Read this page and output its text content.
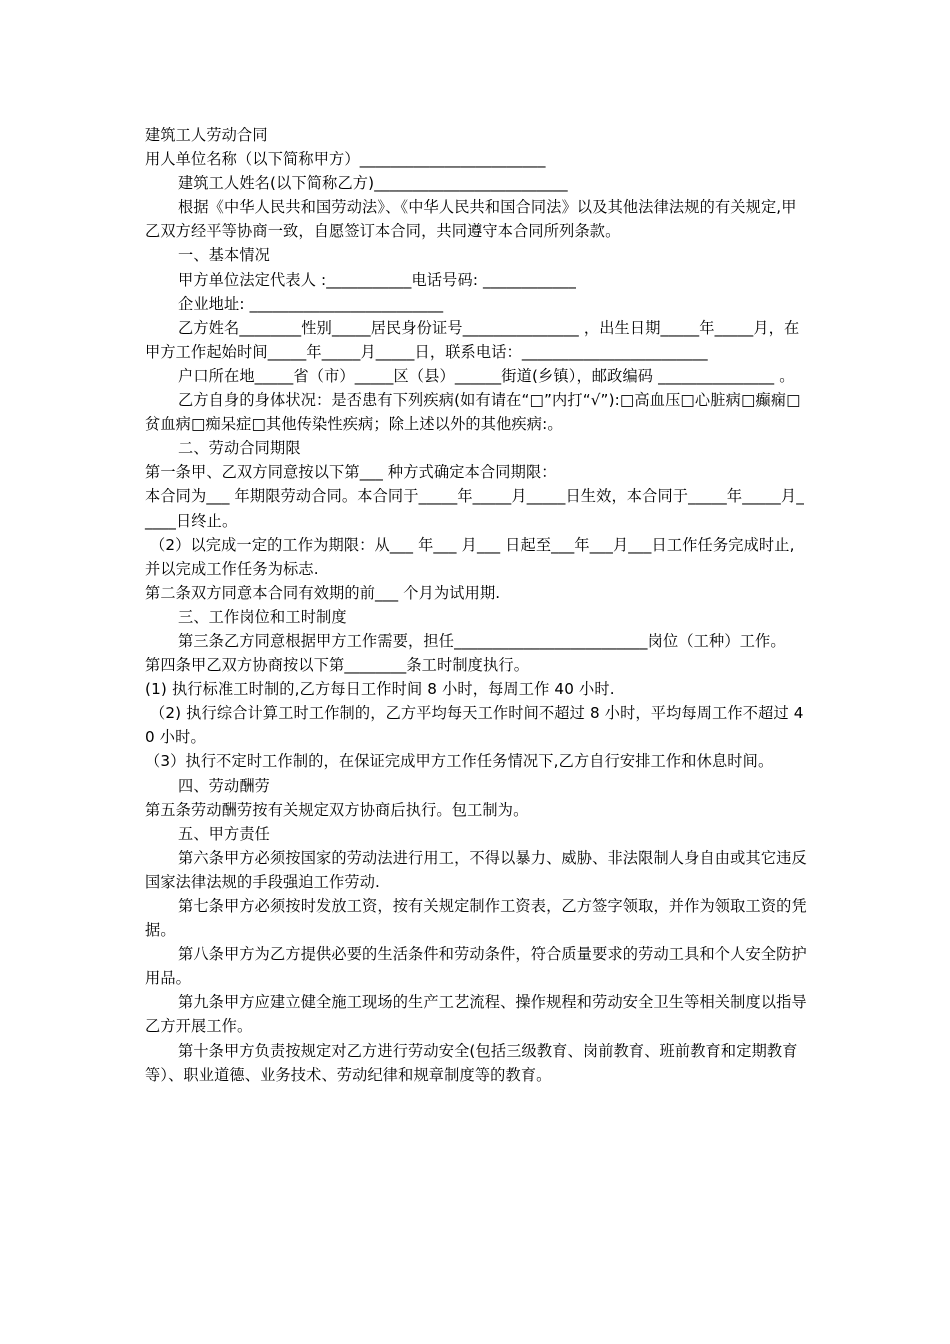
建筑工人劳动合同

用人单位名称（以下简称甲方）________________________

建筑工人姓名(以下简称乙方)_________________________

根据《中华人民共和国劳动法》、《中华人民共和国合同法》以及其他法律法规的有关规定,甲乙双方经平等协商一致，自愿签订本合同，共同遵守本合同所列条款。

一、基本情况

甲方单位法定代表人 :___________电话号码: ____________

企业地址: _________________________

乙方姓名________性别_____居民身份证号_______________ ，出生日期_____年_____月，在甲方工作起始时间_____年_____月_____日，联系电话：________________________

户口所在地_____省（市）_____区（县）______街道(乡镇），邮政编码 _______________ 。

乙方自身的身体状况：是否患有下列疾病(如有请在“□”内打“√”):□高血压□心脏病□癫痫□贫血病□痴呆症□其他传染性疾病；除上述以外的其他疾病:。

二、劳动合同期限

第一条甲、乙双方同意按以下第___ 种方式确定本合同期限：

本合同为___ 年期限劳动合同。本合同于_____年_____月_____日生效，本合同于_____年_____月_____日终止。

（2）以完成一定的工作为期限：从___ 年___ 月___ 日起至___年___月___日工作任务完成时止,并以完成工作任务为标志.

第二条双方同意本合同有效期的前___ 个月为试用期.

三、工作岗位和工时制度

第三条乙方同意根据甲方工作需要，担任_________________________岗位（工种）工作。

第四条甲乙双方协商按以下第________条工时制度执行。

(1) 执行标准工时制的,乙方每日工作时间 8 小时，每周工作 40 小时.

（2) 执行综合计算工时工作制的，乙方平均每天工作时间不超过 8 小时，平均每周工作不超过 40 小时。

（3）执行不定时工作制的，在保证完成甲方工作任务情况下,乙方自行安排工作和休息时间。

四、劳动酬劳

第五条劳动酬劳按有关规定双方协商后执行。包工制为。

五、甲方责任

第六条甲方必须按国家的劳动法进行用工，不得以暴力、威胁、非法限制人身自由或其它违反国家法律法规的手段强迫工作劳动.

第七条甲方必须按时发放工资，按有关规定制作工资表，乙方签字领取，并作为领取工资的凭据。

第八条甲方为乙方提供必要的生活条件和劳动条件，符合质量要求的劳动工具和个人安全防护用品。

第九条甲方应建立健全施工现场的生产工艺流程、操作规程和劳动安全卫生等相关制度以指导乙方开展工作。

第十条甲方负责按规定对乙方进行劳动安全(包括三级教育、岗前教育、班前教育和定期教育等）、职业道德、业务技术、劳动纪律和规章制度等的教育。
